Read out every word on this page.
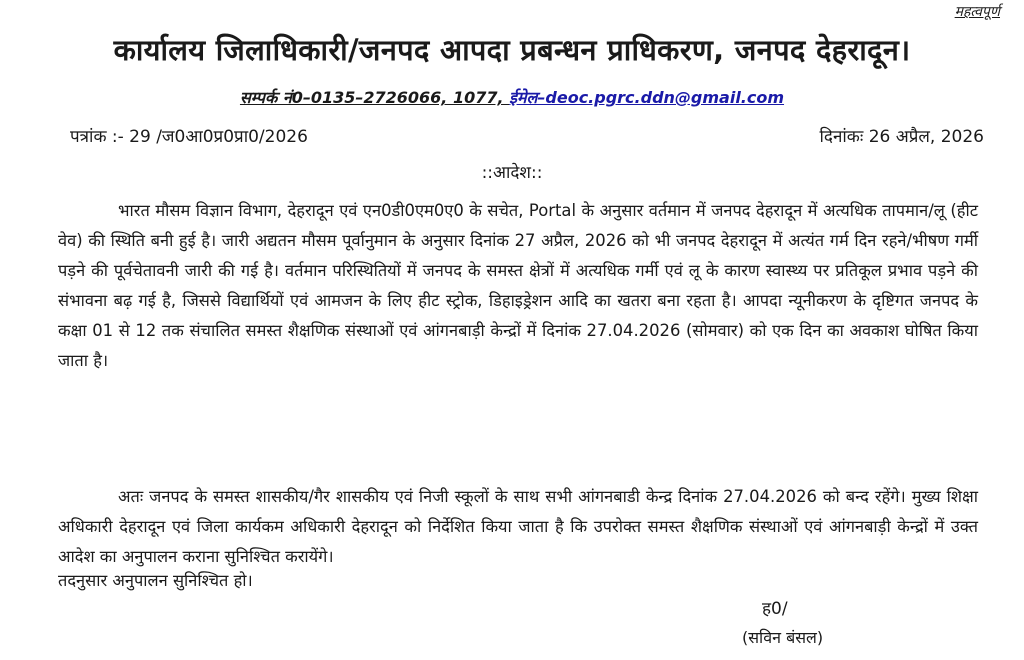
महत्वपूर्ण
कार्यालय जिलाधिकारी/जनपद आपदा प्रबन्धन प्राधिकरण, जनपद देहरादून।
सम्पर्क नं0–0135–2726066, 1077, ईमेल–deoc.pgrc.ddn@gmail.com
पत्रांक :- 29 /ज0आ0प्र0प्रा0/2026	दिनांकः 26 अप्रैल, 2026
::आदेश::

भारत मौसम विज्ञान विभाग, देहरादून एवं एन0डी0एम0ए0 के सचेत, Portal के अनुसार वर्तमान में जनपद देहरादून में अत्यधिक तापमान/लू (हीट वेव) की स्थिति बनी हुई है। जारी अद्यतन मौसम पूर्वानुमान के अनुसार दिनांक 27 अप्रैल, 2026 को भी जनपद देहरादून में अत्यंत गर्म दिन रहने/भीषण गर्मी पड़ने की पूर्वचेतावनी जारी की गई है। वर्तमान परिस्थितियों में जनपद के समस्त क्षेत्रों में अत्यधिक गर्मी एवं लू के कारण स्वास्थ्य पर प्रतिकूल प्रभाव पड़ने की संभावना बढ़ गई है, जिससे विद्यार्थियों एवं आमजन के लिए हीट स्ट्रोक, डिहाइड्रेशन आदि का खतरा बना रहता है। आपदा न्यूनीकरण के दृष्टिगत जनपद के कक्षा 01 से 12 तक संचालित समस्त शैक्षणिक संस्थाओं एवं आंगनबाड़ी केन्द्रों में दिनांक 27.04.2026 (सोमवार) को एक दिन का अवकाश घोषित किया जाता है।

अतः जनपद के समस्त शासकीय/गैर शासकीय एवं निजी स्कूलों के साथ सभी आंगनबाडी केन्द्र दिनांक 27.04.2026 को बन्द रहेंगे। मुख्य शिक्षा अधिकारी देहरादून एवं जिला कार्यकम अधिकारी देहरादून को निर्देशित किया जाता है कि उपरोक्त समस्त शैक्षणिक संस्थाओं एवं आंगनबाड़ी केन्द्रों में उक्त आदेश का अनुपालन कराना सुनिश्चित करायेंगे।

तदनुसार अनुपालन सुनिश्चित हो।
ह0/
(सविन बंसल)
